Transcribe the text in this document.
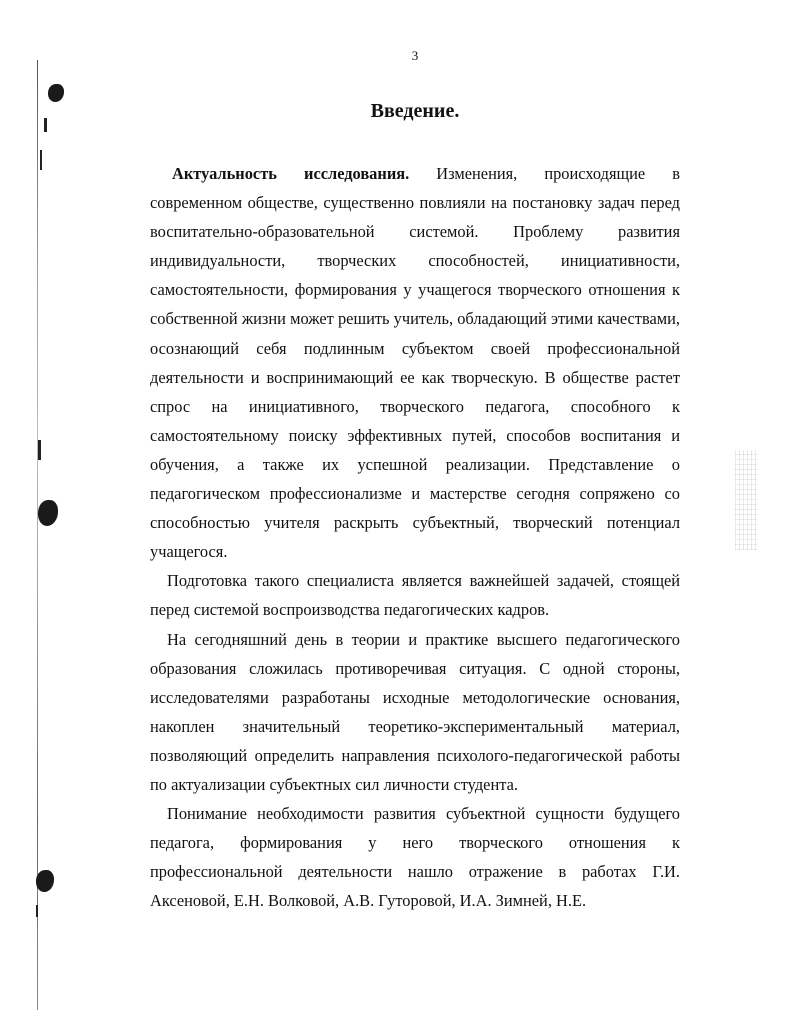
3
Введение.

Актуальность исследования. Изменения, происходящие в современном обществе, существенно повлияли на постановку задач перед воспитательно-образовательной системой. Проблему развития индивидуальности, творческих способностей, инициативности, самостоятельности, формирования у учащегося творческого отношения к собственной жизни может решить учитель, обладающий этими качествами, осознающий себя подлинным субъектом своей профессиональной деятельности и воспринимающий ее как творческую. В обществе растет спрос на инициативного, творческого педагога, способного к самостоятельному поиску эффективных путей, способов воспитания и обучения, а также их успешной реализации. Представление о педагогическом профессионализме и мастерстве сегодня сопряжено со способностью учителя раскрыть субъектный, творческий потенциал учащегося.

Подготовка такого специалиста является важнейшей задачей, стоящей перед системой воспроизводства педагогических кадров.

На сегодняшний день в теории и практике высшего педагогического образования сложилась противоречивая ситуация. С одной стороны, исследователями разработаны исходные методологические основания, накоплен значительный теоретико-экспериментальный материал, позволяющий определить направления психолого-педагогической работы по актуализации субъектных сил личности студента.

Понимание необходимости развития субъектной сущности будущего педагога, формирования у него творческого отношения к профессиональной деятельности нашло отражение в работах Г.И. Аксеновой, Е.Н. Волковой, А.В. Гуторовой, И.А. Зимней, Н.Е.
